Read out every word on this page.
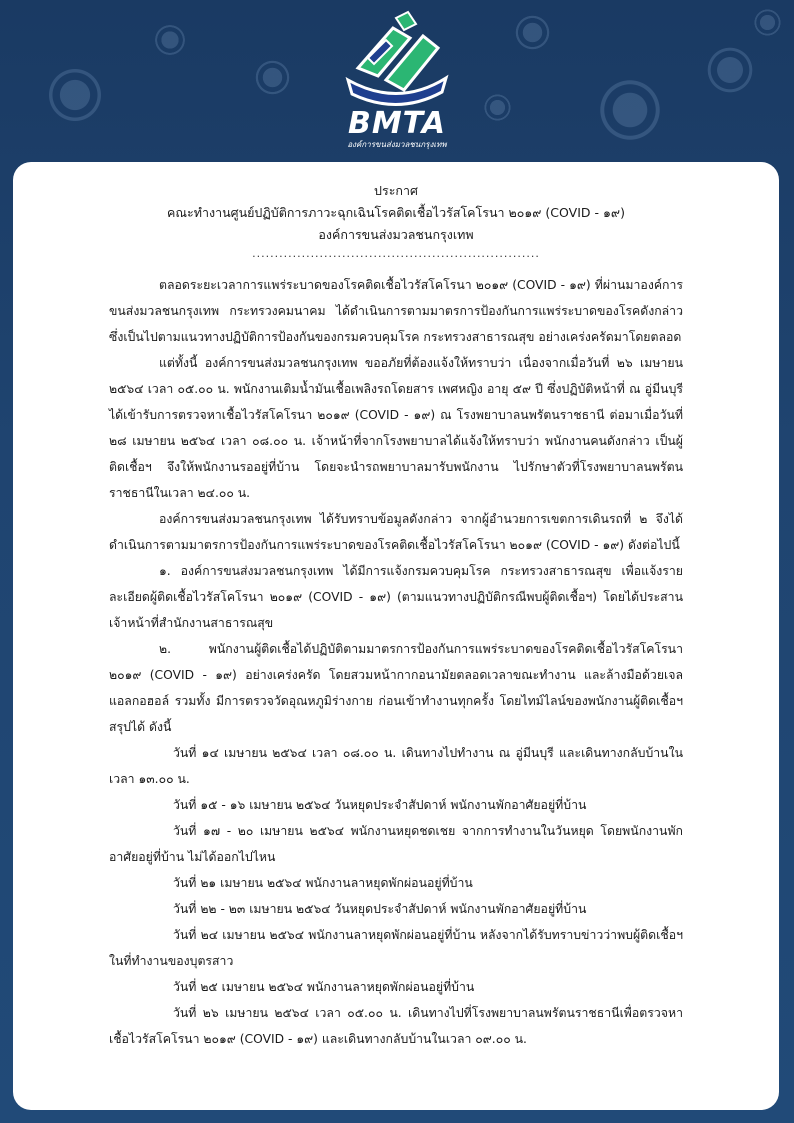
BMTA
องค์การขนส่งมวลชนกรุงเทพ
ประกาศ
คณะทำงานศูนย์ปฏิบัติการภาวะฉุกเฉินโรคติดเชื้อไวรัสโคโรนา ๒๐๑๙ (COVID - ๑๙)
องค์การขนส่งมวลชนกรุงเทพ
................................................................

ตลอดระยะเวลาการแพร่ระบาดของโรคติดเชื้อไวรัสโคโรนา ๒๐๑๙ (COVID - ๑๙) ที่ผ่านมาองค์การขนส่งมวลชนกรุงเทพ กระทรวงคมนาคม ได้ดำเนินการตามมาตรการป้องกันการแพร่ระบาดของโรคดังกล่าวซึ่งเป็นไปตามแนวทางปฏิบัติการป้องกันของกรมควบคุมโรค กระทรวงสาธารณสุข อย่างเคร่งครัดมาโดยตลอด

แต่ทั้งนี้ องค์การขนส่งมวลชนกรุงเทพ ขออภัยที่ต้องแจ้งให้ทราบว่า เนื่องจากเมื่อวันที่ ๒๖ เมษายน ๒๕๖๔ เวลา ๐๕.๐๐ น. พนักงานเติมน้ำมันเชื้อเพลิงรถโดยสาร เพศหญิง อายุ ๕๙ ปี ซึ่งปฏิบัติหน้าที่ ณ อู่มีนบุรีได้เข้ารับการตรวจหาเชื้อไวรัสโคโรนา ๒๐๑๙ (COVID - ๑๙) ณ โรงพยาบาลนพรัตนราชธานี ต่อมาเมื่อวันที่ ๒๘ เมษายน ๒๕๖๔ เวลา ๐๘.๐๐ น. เจ้าหน้าที่จากโรงพยาบาลได้แจ้งให้ทราบว่า พนักงานคนดังกล่าว เป็นผู้ติดเชื้อฯ จึงให้พนักงานรออยู่ที่บ้าน โดยจะนำรถพยาบาลมารับพนักงาน ไปรักษาตัวที่โรงพยาบาลนพรัตนราชธานีในเวลา ๒๔.๐๐ น.

องค์การขนส่งมวลชนกรุงเทพ ได้รับทราบข้อมูลดังกล่าว จากผู้อำนวยการเขตการเดินรถที่ ๒ จึงได้ดำเนินการตามมาตรการป้องกันการแพร่ระบาดของโรคติดเชื้อไวรัสโคโรนา ๒๐๑๙ (COVID - ๑๙) ดังต่อไปนี้

๑. องค์การขนส่งมวลชนกรุงเทพ ได้มีการแจ้งกรมควบคุมโรค กระทรวงสาธารณสุข เพื่อแจ้งรายละเอียดผู้ติดเชื้อไวรัสโคโรนา ๒๐๑๙ (COVID - ๑๙) (ตามแนวทางปฏิบัติกรณีพบผู้ติดเชื้อฯ) โดยได้ประสานเจ้าหน้าที่สำนักงานสาธารณสุข

๒. พนักงานผู้ติดเชื้อได้ปฏิบัติตามมาตรการป้องกันการแพร่ระบาดของโรคติดเชื้อไวรัสโคโรนา ๒๐๑๙ (COVID - ๑๙) อย่างเคร่งครัด โดยสวมหน้ากากอนามัยตลอดเวลาขณะทำงาน และล้างมือด้วยเจลแอลกอฮอล์ รวมทั้ง มีการตรวจวัดอุณหภูมิร่างกาย ก่อนเข้าทำงานทุกครั้ง โดยไทม์ไลน์ของพนักงานผู้ติดเชื้อฯสรุปได้ ดังนี้

วันที่ ๑๔ เมษายน ๒๕๖๔ เวลา ๐๘.๐๐ น. เดินทางไปทำงาน ณ อู่มีนบุรี และเดินทางกลับบ้านในเวลา ๑๓.๐๐ น.

วันที่ ๑๕ - ๑๖ เมษายน ๒๕๖๔ วันหยุดประจำสัปดาห์ พนักงานพักอาศัยอยู่ที่บ้าน

วันที่ ๑๗ - ๒๐ เมษายน ๒๕๖๔ พนักงานหยุดชดเชย จากการทำงานในวันหยุด โดยพนักงานพักอาศัยอยู่ที่บ้าน ไม่ได้ออกไปไหน

วันที่ ๒๑ เมษายน ๒๕๖๔ พนักงานลาหยุดพักผ่อนอยู่ที่บ้าน

วันที่ ๒๒ - ๒๓ เมษายน ๒๕๖๔ วันหยุดประจำสัปดาห์ พนักงานพักอาศัยอยู่ที่บ้าน

วันที่ ๒๔ เมษายน ๒๕๖๔ พนักงานลาหยุดพักผ่อนอยู่ที่บ้าน หลังจากได้รับทราบข่าวว่าพบผู้ติดเชื้อฯในที่ทำงานของบุตรสาว

วันที่ ๒๕ เมษายน ๒๕๖๔ พนักงานลาหยุดพักผ่อนอยู่ที่บ้าน

วันที่ ๒๖ เมษายน ๒๕๖๔ เวลา ๐๕.๐๐ น. เดินทางไปที่โรงพยาบาลนพรัตนราชธานีเพื่อตรวจหาเชื้อไวรัสโคโรนา ๒๐๑๙ (COVID - ๑๙) และเดินทางกลับบ้านในเวลา ๐๙.๐๐ น.
